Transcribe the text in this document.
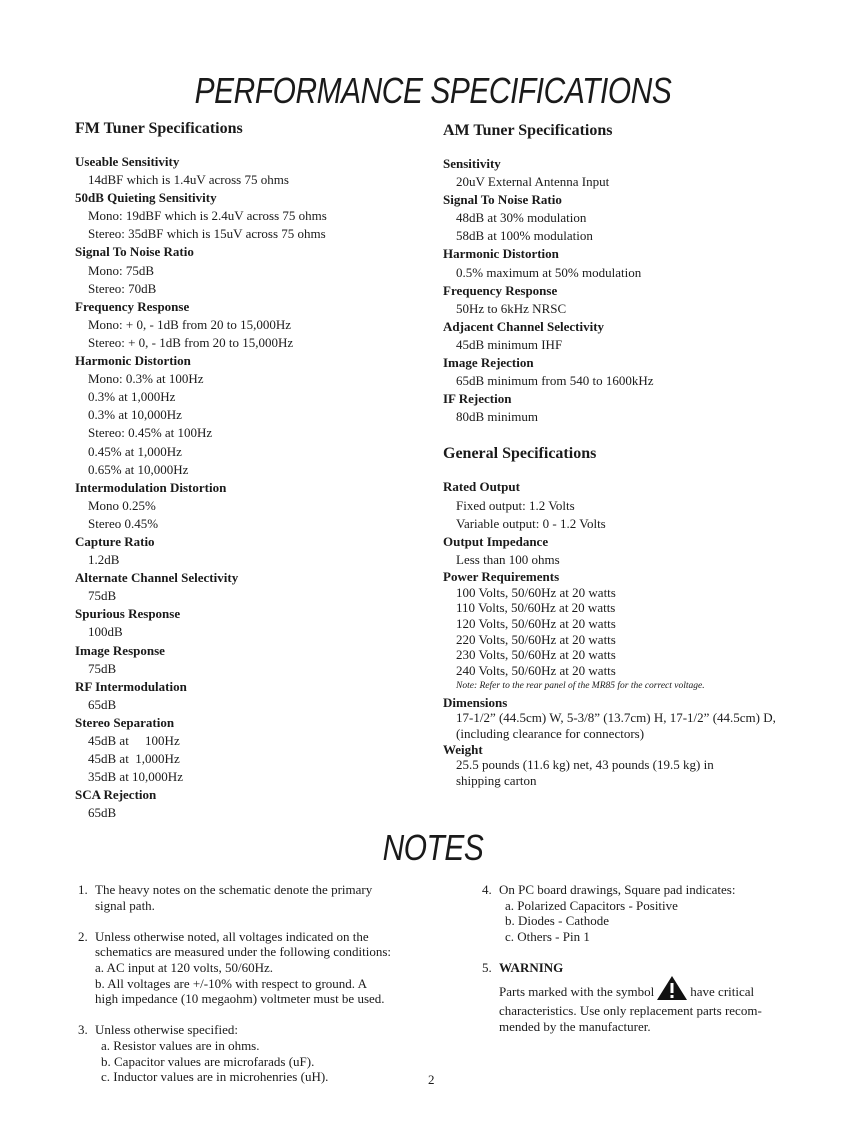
PERFORMANCE SPECIFICATIONS
FM Tuner Specifications
Useable Sensitivity
14dBF which is 1.4uV across 75 ohms
50dB Quieting Sensitivity
Mono: 19dBF which is 2.4uV across 75 ohms
Stereo: 35dBF which is 15uV across 75 ohms
Signal To Noise Ratio
Mono: 75dB
Stereo: 70dB
Frequency Response
Mono: + 0, - 1dB from 20 to 15,000Hz
Stereo: + 0, - 1dB from 20 to 15,000Hz
Harmonic Distortion
Mono: 0.3% at 100Hz
0.3% at 1,000Hz
0.3% at 10,000Hz
Stereo: 0.45% at 100Hz
0.45% at 1,000Hz
0.65% at 10,000Hz
Intermodulation Distortion
Mono 0.25%
Stereo 0.45%
Capture Ratio
1.2dB
Alternate Channel Selectivity
75dB
Spurious Response
100dB
Image Response
75dB
RF Intermodulation
65dB
Stereo Separation
45dB at     100Hz
45dB at  1,000Hz
35dB at 10,000Hz
SCA Rejection
65dB
AM Tuner Specifications
Sensitivity
20uV External Antenna Input
Signal To Noise Ratio
48dB at 30% modulation
58dB at 100% modulation
Harmonic Distortion
0.5% maximum at 50% modulation
Frequency Response
50Hz to 6kHz NRSC
Adjacent Channel Selectivity
45dB minimum IHF
Image Rejection
65dB minimum from 540 to 1600kHz
IF Rejection
80dB minimum
General Specifications
Rated Output
Fixed output: 1.2 Volts
Variable output: 0 - 1.2 Volts
Output Impedance
Less than 100 ohms
Power Requirements
100 Volts, 50/60Hz at 20 watts
110 Volts, 50/60Hz at 20 watts
120 Volts, 50/60Hz at 20 watts
220 Volts, 50/60Hz at 20 watts
230 Volts, 50/60Hz at 20 watts
240 Volts, 50/60Hz at 20 watts
Note: Refer to the rear panel of the MR85 for the correct voltage.
Dimensions
17-1/2” (44.5cm) W, 5-3/8” (13.7cm) H, 17-1/2” (44.5cm) D,
(including clearance for connectors)
Weight
25.5 pounds (11.6 kg) net, 43 pounds (19.5 kg) in
shipping carton
NOTES
1. The heavy notes on the schematic denote the primary
signal path.
2. Unless otherwise noted, all voltages indicated on the
schematics are measured under the following conditions:
a. AC input at 120 volts, 50/60Hz.
b. All voltages are +/-10% with respect to ground. A
high impedance (10 megaohm) voltmeter must be used.
3. Unless otherwise specified:
a. Resistor values are in ohms.
b. Capacitor values are microfarads (uF).
c. Inductor values are in microhenries (uH).
4. On PC board drawings, Square pad indicates:
a. Polarized Capacitors - Positive
b. Diodes - Cathode
c. Others - Pin 1
5. WARNING
Parts marked with the symbol	have critical
characteristics. Use only replacement parts recom-
mended by the manufacturer.
2
